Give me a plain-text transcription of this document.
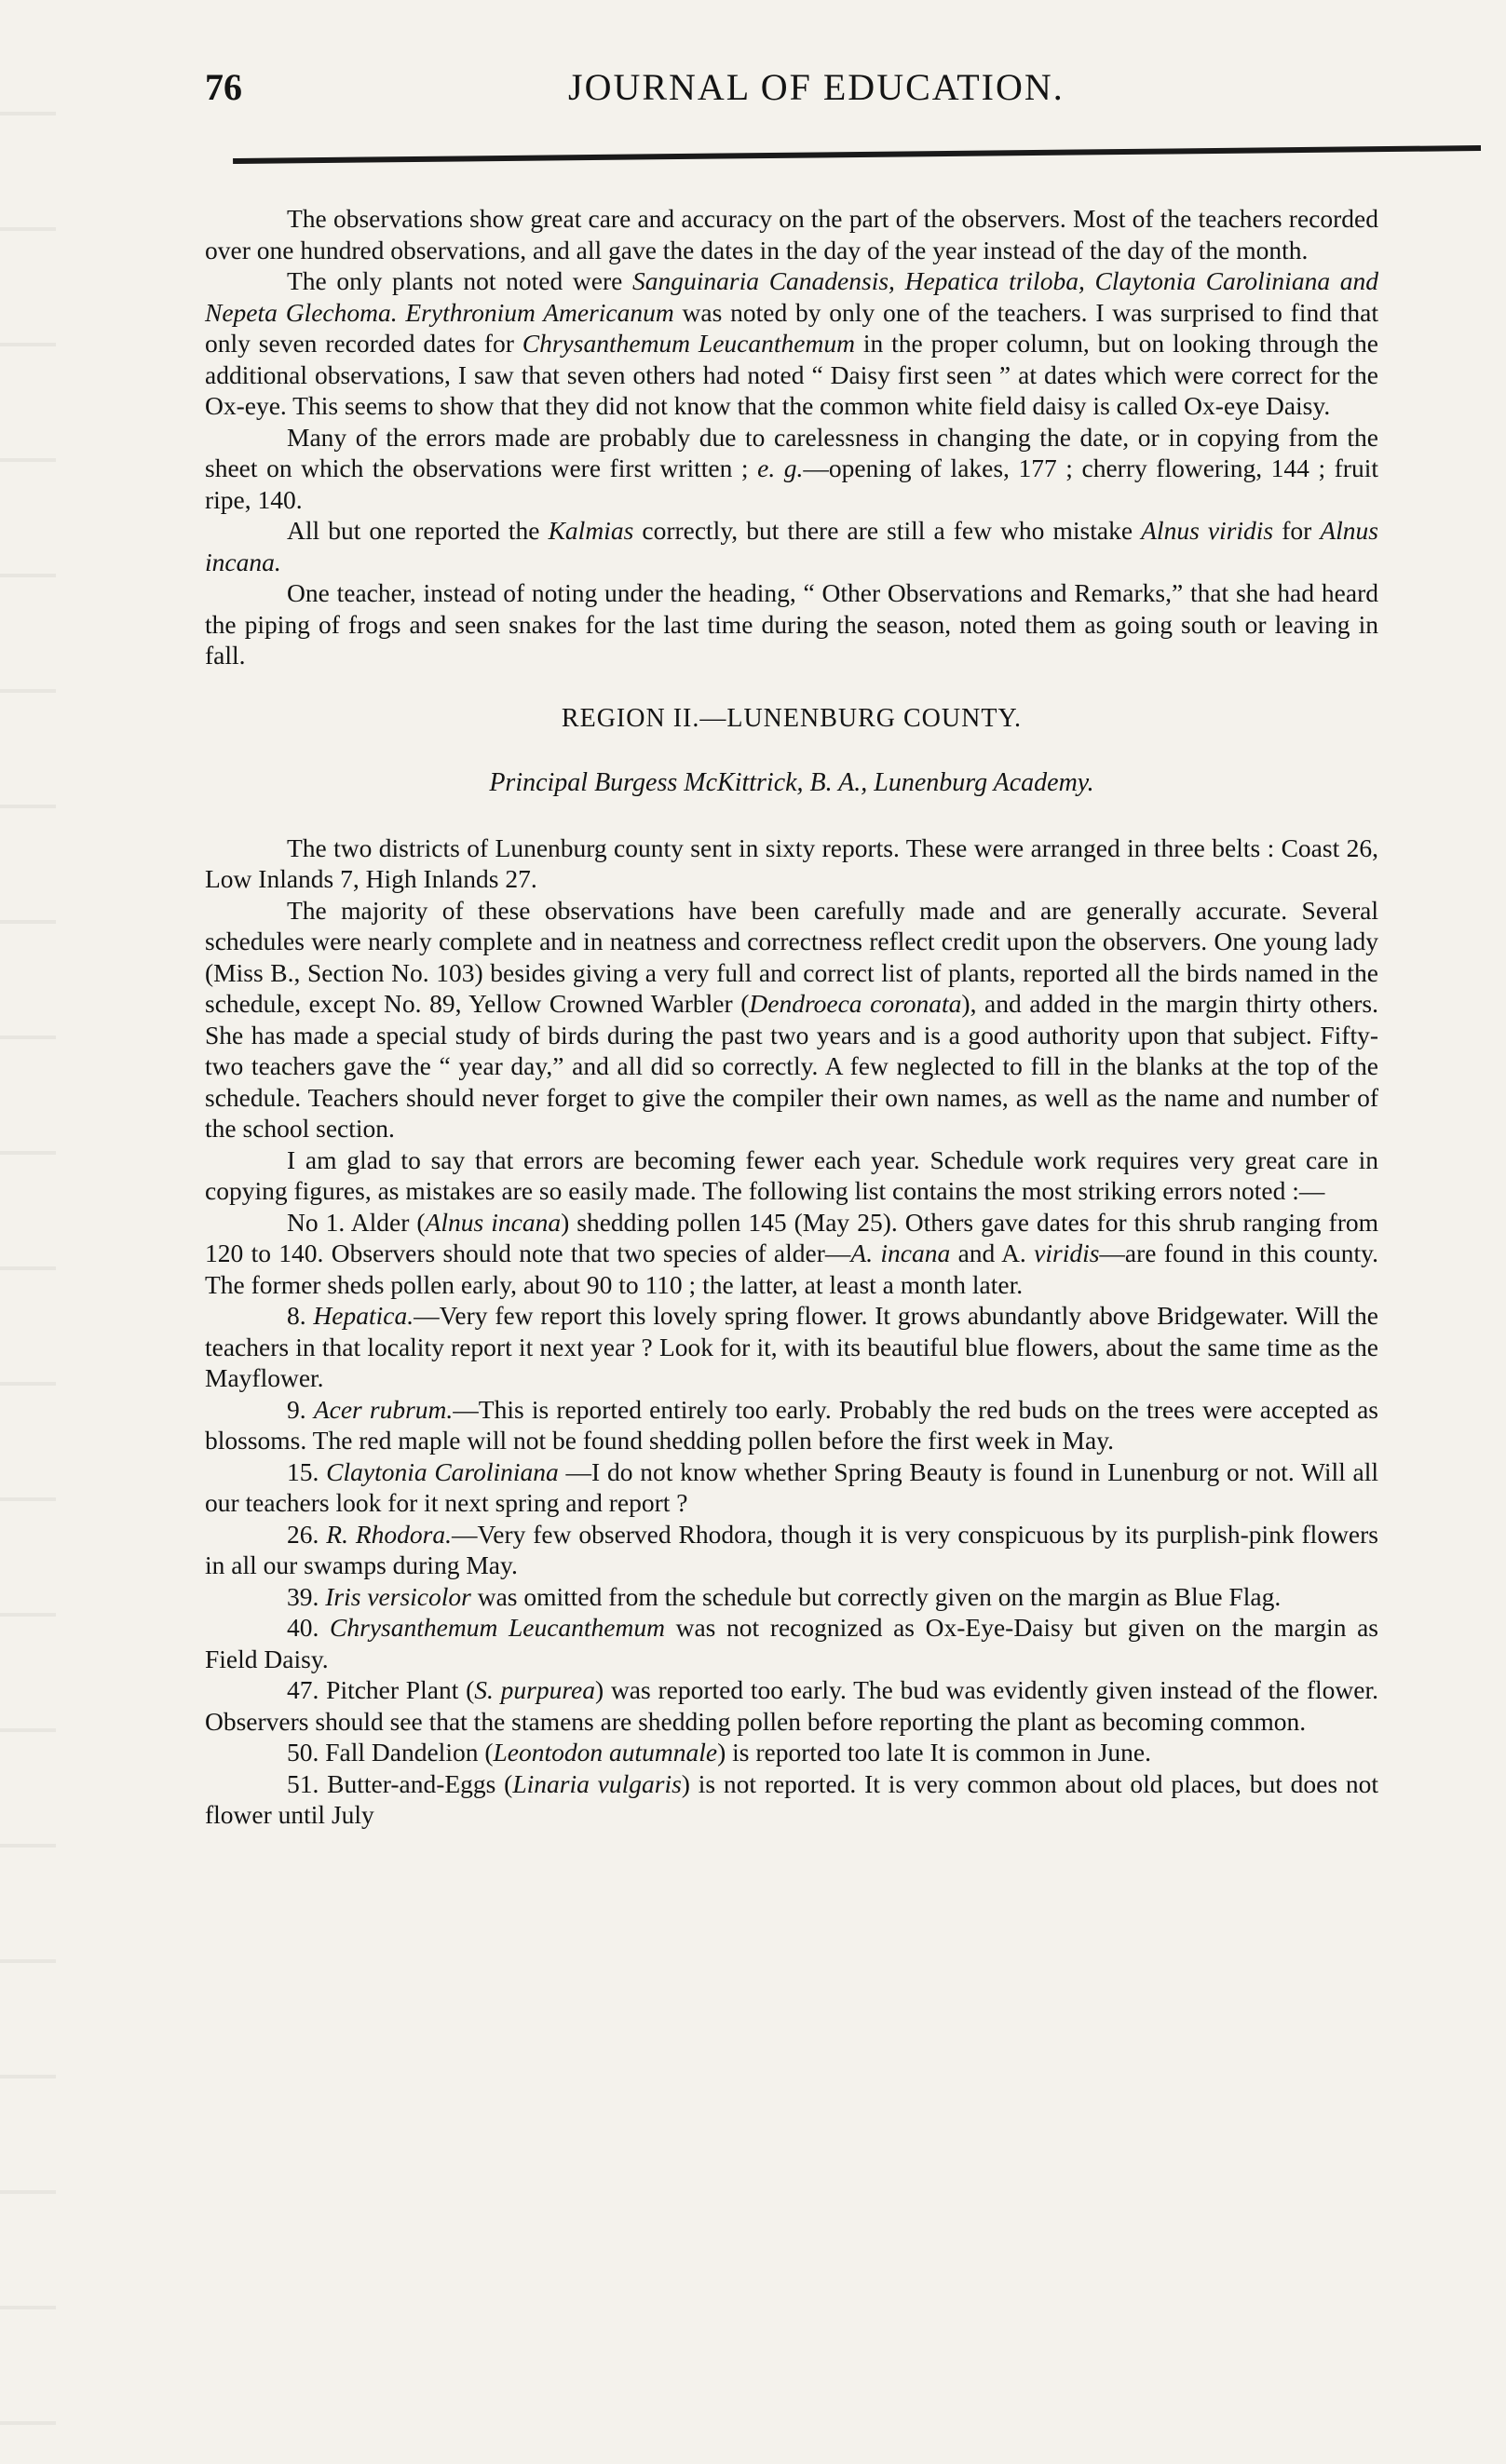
76	JOURNAL OF EDUCATION.

The observations show great care and accuracy on the part of the observers. Most of the teachers recorded over one hundred observations, and all gave the dates in the day of the year instead of the day of the month.

The only plants not noted were Sanguinaria Canadensis, Hepatica triloba, Claytonia Caroliniana and Nepeta Glechoma. Erythronium Americanum was noted by only one of the teachers. I was surprised to find that only seven recorded dates for Chrysanthemum Leucanthemum in the proper column, but on looking through the additional observations, I saw that seven others had noted “ Daisy first seen ” at dates which were correct for the Ox-eye. This seems to show that they did not know that the common white field daisy is called Ox-eye Daisy.

Many of the errors made are probably due to carelessness in changing the date, or in copying from the sheet on which the observations were first written ; e. g.—opening of lakes, 177 ; cherry flowering, 144 ; fruit ripe, 140.

All but one reported the Kalmias correctly, but there are still a few who mistake Alnus viridis for Alnus incana.

One teacher, instead of noting under the heading, “ Other Observations and Remarks,” that she had heard the piping of frogs and seen snakes for the last time during the season, noted them as going south or leaving in fall.

REGION II.—LUNENBURG COUNTY.

Principal Burgess McKittrick, B. A., Lunenburg Academy.

The two districts of Lunenburg county sent in sixty reports. These were arranged in three belts : Coast 26, Low Inlands 7, High Inlands 27.

The majority of these observations have been carefully made and are generally accurate. Several schedules were nearly complete and in neatness and correctness reflect credit upon the observers. One young lady (Miss B., Section No. 103) besides giving a very full and correct list of plants, reported all the birds named in the schedule, except No. 89, Yellow Crowned Warbler (Dendroeca coronata), and added in the margin thirty others. She has made a special study of birds during the past two years and is a good authority upon that subject. Fifty-two teachers gave the “ year day,” and all did so correctly. A few neglected to fill in the blanks at the top of the schedule. Teachers should never forget to give the compiler their own names, as well as the name and number of the school section.

I am glad to say that errors are becoming fewer each year. Schedule work requires very great care in copying figures, as mistakes are so easily made. The following list contains the most striking errors noted :—

No 1. Alder (Alnus incana) shedding pollen 145 (May 25). Others gave dates for this shrub ranging from 120 to 140. Observers should note that two species of alder—A. incana and A. viridis—are found in this county. The former sheds pollen early, about 90 to 110 ; the latter, at least a month later.

8. Hepatica.—Very few report this lovely spring flower. It grows abundantly above Bridgewater. Will the teachers in that locality report it next year ? Look for it, with its beautiful blue flowers, about the same time as the Mayflower.

9. Acer rubrum.—This is reported entirely too early. Probably the red buds on the trees were accepted as blossoms. The red maple will not be found shedding pollen before the first week in May.

15. Claytonia Caroliniana —I do not know whether Spring Beauty is found in Lunenburg or not. Will all our teachers look for it next spring and report ?

26. R. Rhodora.—Very few observed Rhodora, though it is very conspicuous by its purplish-pink flowers in all our swamps during May.

39. Iris versicolor was omitted from the schedule but correctly given on the margin as Blue Flag.

40. Chrysanthemum Leucanthemum was not recognized as Ox-Eye-Daisy but given on the margin as Field Daisy.

47. Pitcher Plant (S. purpurea) was reported too early. The bud was evidently given instead of the flower. Observers should see that the stamens are shedding pollen before reporting the plant as becoming common.

50. Fall Dandelion (Leontodon autumnale) is reported too late It is common in June.

51. Butter-and-Eggs (Linaria vulgaris) is not reported. It is very common about old places, but does not flower until July
